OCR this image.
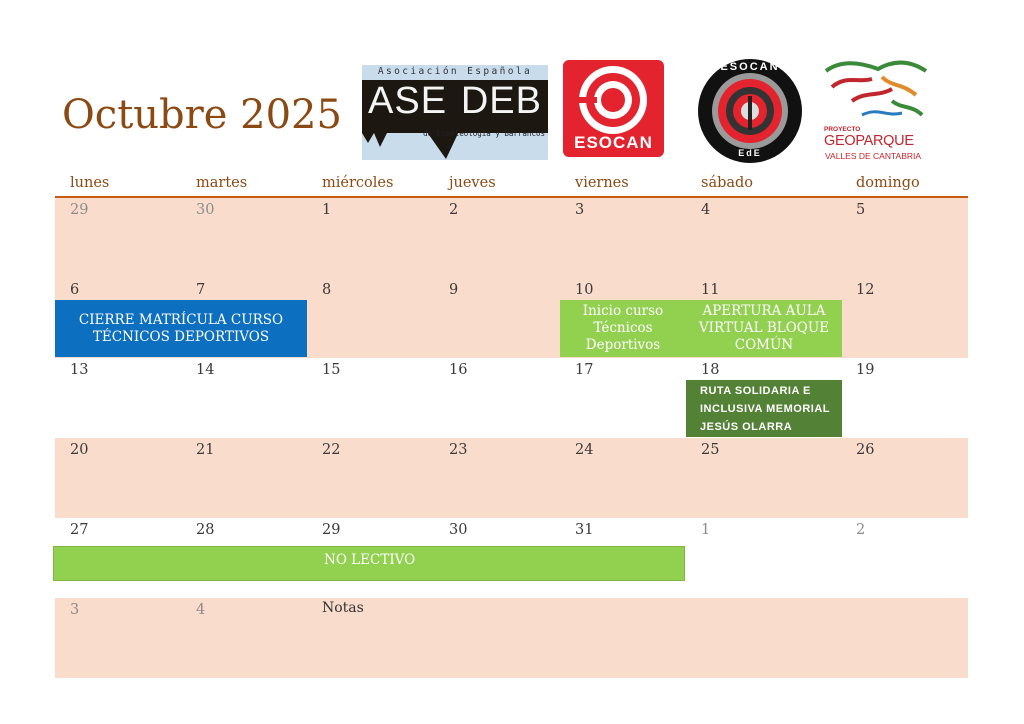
Octubre 2025
Asociación Española
ASE DEB
de Espeleología y Barrancos	ESOCAN
ESOCAN
EdE
PROYECTO
GEOPARQUE
VALLES DE CANTABRIA
lunes	martes	miércoles	jueves	viernes	sábado	domingo
29	30	1	2	3	4	5
6	7	8	9	10	11	12
CIERRE MATRÍCULA CURSO TÉCNICOS DEPORTIVOS
Inicio curso Técnicos Deportivos
APERTURA AULA VIRTUAL BLOQUE COMÚN
13	14	15	16	17	18	19
RUTA SOLIDARIA E INCLUSIVA MEMORIAL JESÚS OLARRA
20	21	22	23	24	25	26
27	28	29	30	31	1	2
NO LECTIVO
3	4	Notas
